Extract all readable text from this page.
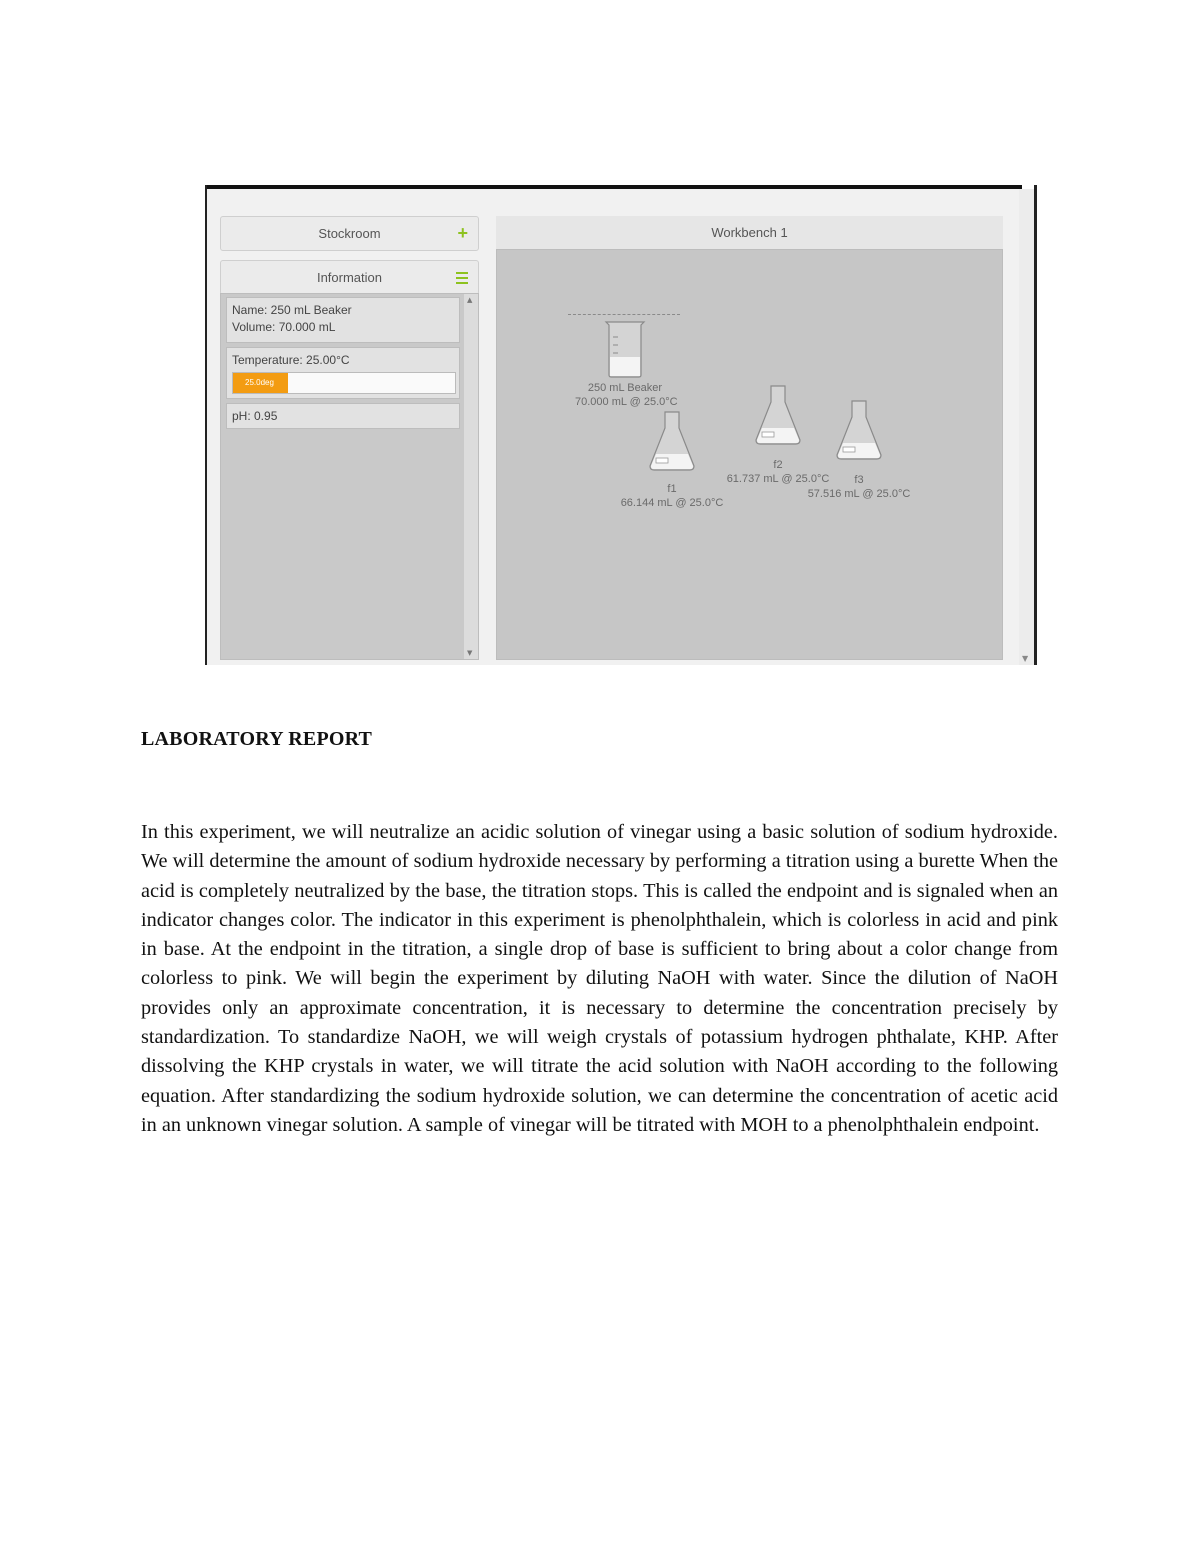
▼
Stockroom	+
Information
Name: 250 mL Beaker
Volume: 70.000 mL
Temperature: 25.00°C
25.0deg
pH: 0.95
▲
▼
Workbench 1
250 mL Beaker
70.000 mL @ 25.0°C
f1
66.144 mL @ 25.0°C
f2
61.737 mL @ 25.0°C	f3
57.516 mL @ 25.0°C
LABORATORY REPORT

In this experiment, we will neutralize an acidic solution of vinegar using a basic solution of sodium hydroxide. We will determine the amount of sodium hydroxide necessary by performing a titration using a burette When the acid is completely neutralized by the base, the titration stops. This is called the endpoint and is signaled when an indicator changes color. The indicator in this experiment is phenolphthalein, which is colorless in acid and pink in base. At the endpoint in the titration, a single drop of base is sufficient to bring about a color change from colorless to pink. We will begin the experiment by diluting NaOH with water. Since the dilution of NaOH provides only an approximate concentration, it is necessary to determine the concentration precisely by standardization. To standardize NaOH, we will weigh crystals of potassium hydrogen phthalate, KHP. After dissolving the KHP crystals in water, we will titrate the acid solution with NaOH according to the following equation. After standardizing the sodium hydroxide solution, we can determine the concentration of acetic acid in an unknown vinegar solution. A sample of vinegar will be titrated with MOH to a phenolphthalein endpoint.
